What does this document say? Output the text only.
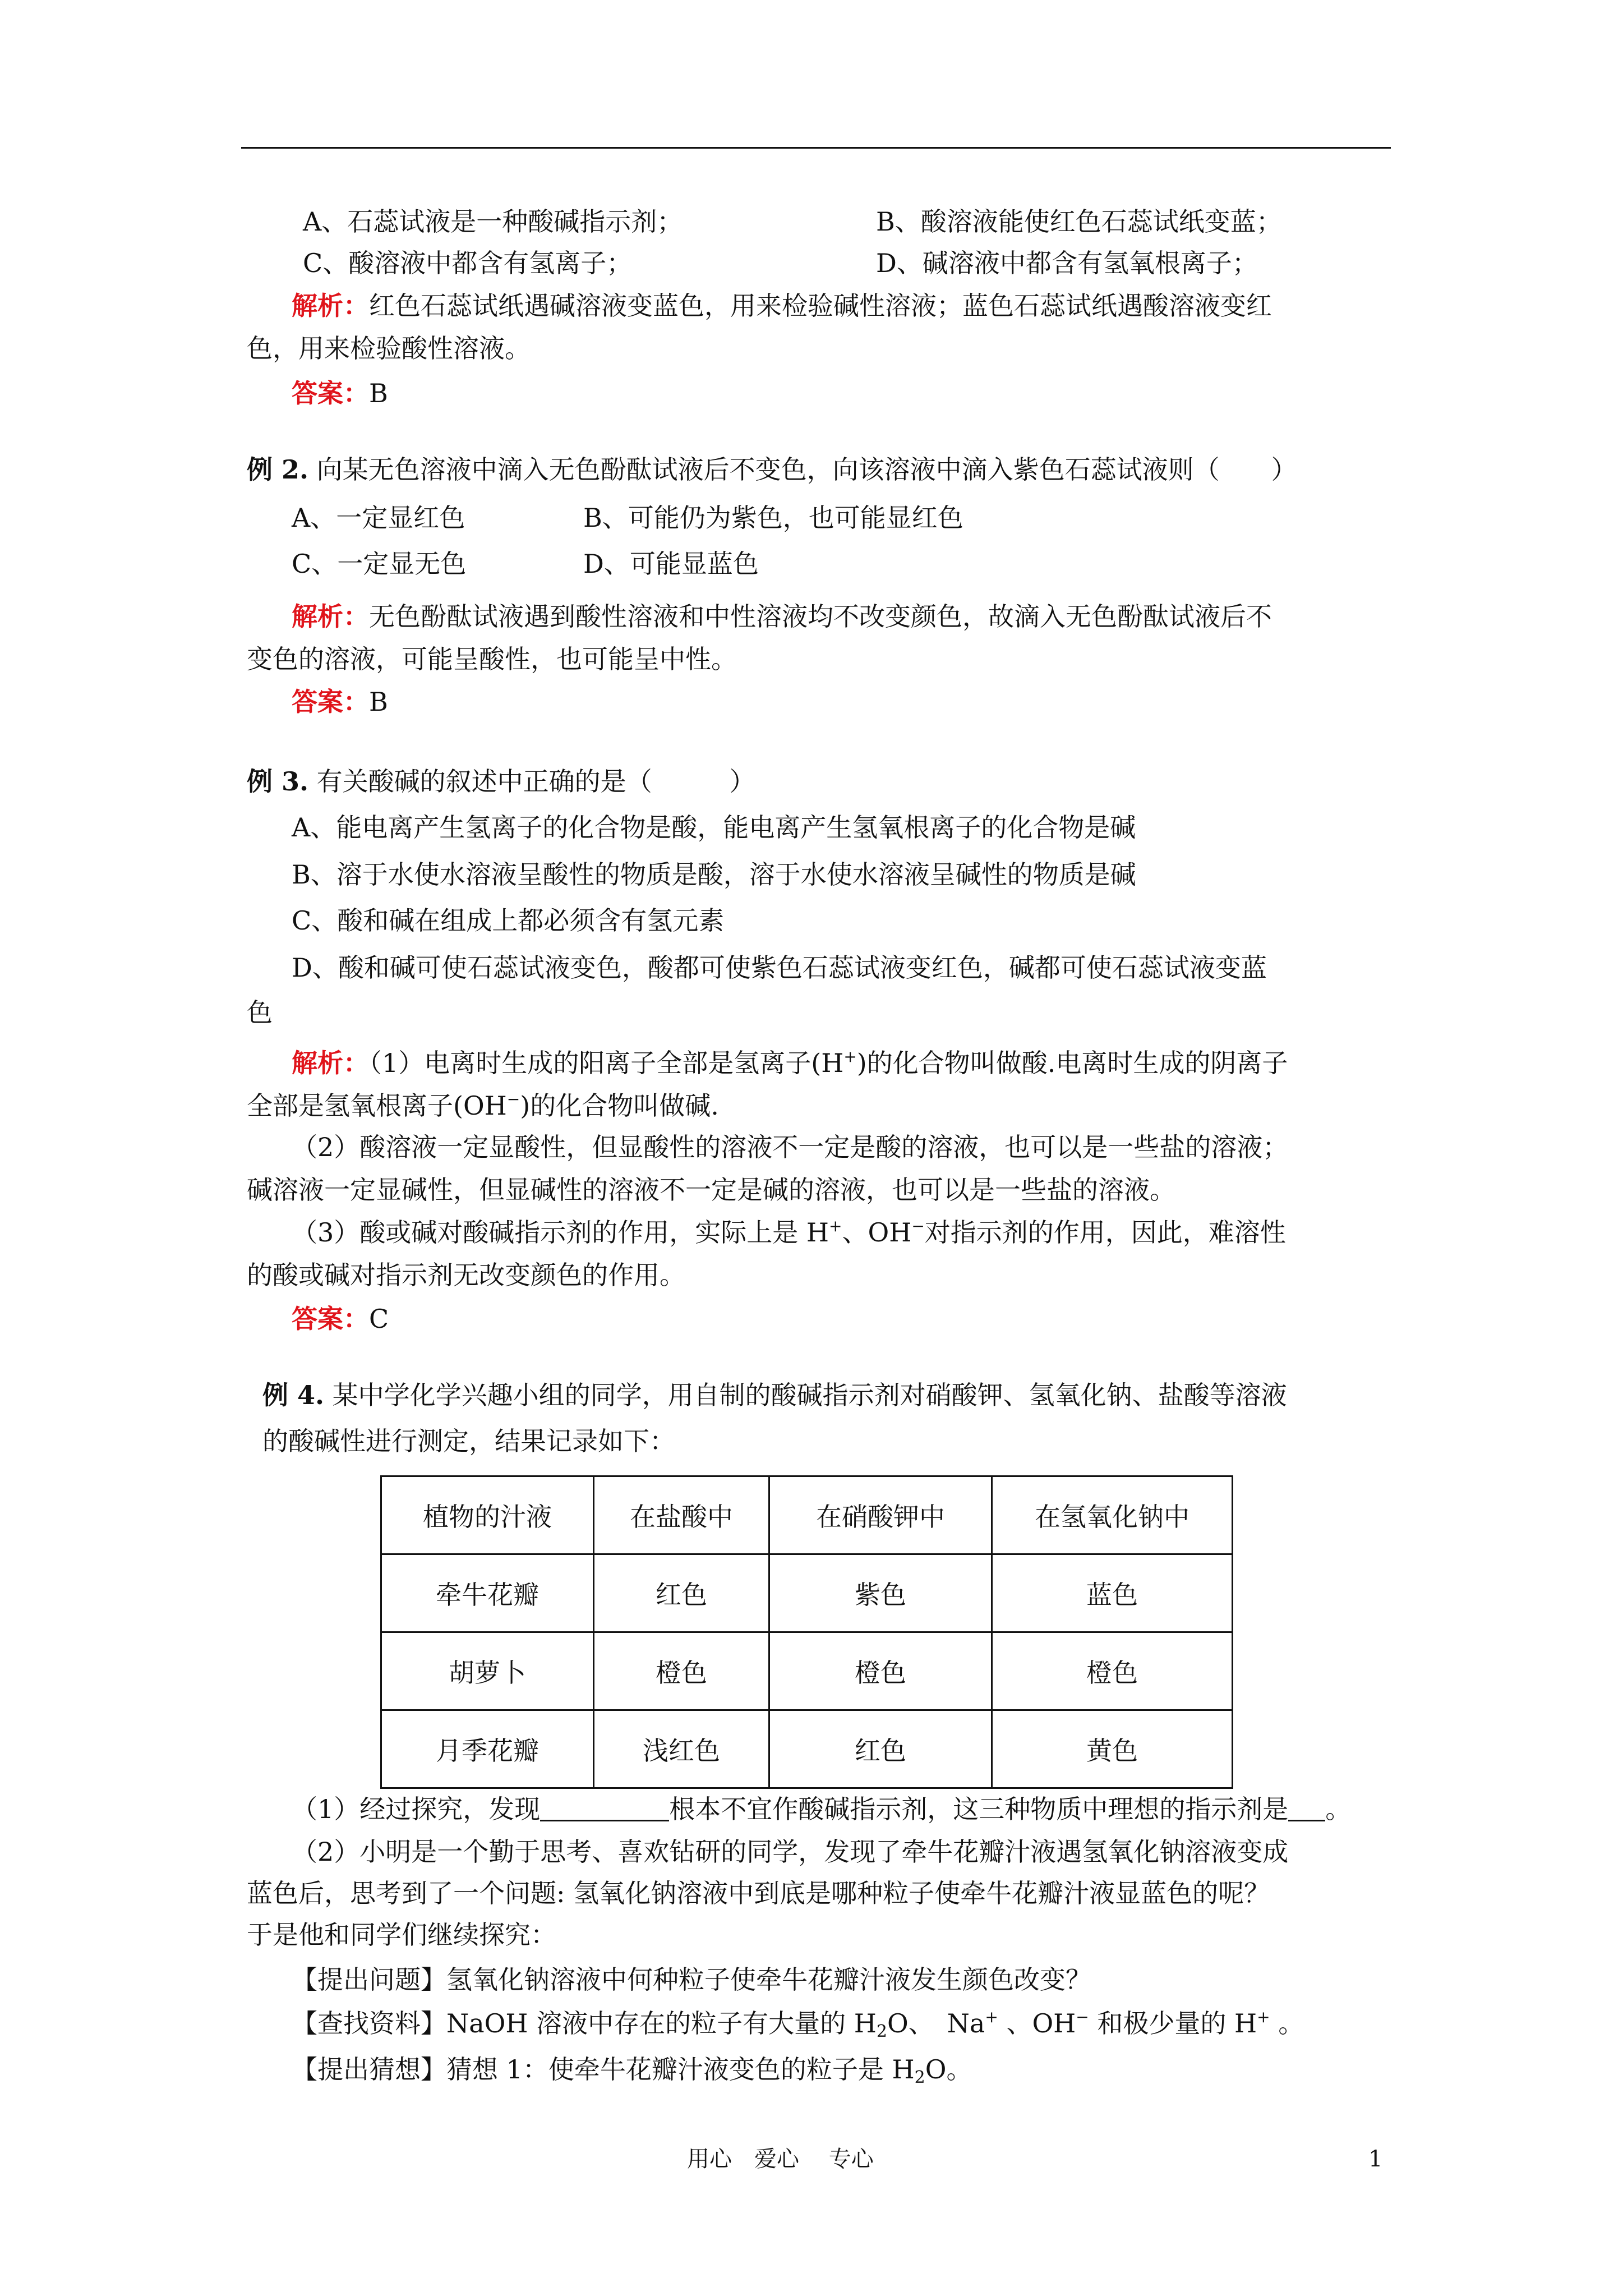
A、石蕊试液是一种酸碱指示剂；	B、酸溶液能使红色石蕊试纸变蓝；
C、酸溶液中都含有氢离子；	D、碱溶液中都含有氢氧根离子；
解析：红色石蕊试纸遇碱溶液变蓝色，用来检验碱性溶液；蓝色石蕊试纸遇酸溶液变红
色，用来检验酸性溶液。
答案：B
例 2. 向某无色溶液中滴入无色酚酞试液后不变色，向该溶液中滴入紫色石蕊试液则（　　）
A、一定显红色	B、可能仍为紫色，也可能显红色
C、一定显无色	D、可能显蓝色
解析：无色酚酞试液遇到酸性溶液和中性溶液均不改变颜色，故滴入无色酚酞试液后不
变色的溶液，可能呈酸性，也可能呈中性。
答案：B
例 3. 有关酸碱的叙述中正确的是（　　　）
A、能电离产生氢离子的化合物是酸，能电离产生氢氧根离子的化合物是碱
B、溶于水使水溶液呈酸性的物质是酸，溶于水使水溶液呈碱性的物质是碱
C、酸和碱在组成上都必须含有氢元素
D、酸和碱可使石蕊试液变色，酸都可使紫色石蕊试液变红色，碱都可使石蕊试液变蓝
色
解析：（1）电离时生成的阳离子全部是氢离子(H+)的化合物叫做酸.电离时生成的阴离子
全部是氢氧根离子(OH−)的化合物叫做碱.
（2）酸溶液一定显酸性，但显酸性的溶液不一定是酸的溶液，也可以是一些盐的溶液；
碱溶液一定显碱性，但显碱性的溶液不一定是碱的溶液，也可以是一些盐的溶液。
（3）酸或碱对酸碱指示剂的作用，实际上是 H+、OH−对指示剂的作用，因此，难溶性
的酸或碱对指示剂无改变颜色的作用。
答案：C
例 4. 某中学化学兴趣小组的同学，用自制的酸碱指示剂对硝酸钾、氢氧化钠、盐酸等溶液
的酸碱性进行测定，结果记录如下：
植物的汁液	在盐酸中	在硝酸钾中	在氢氧化钠中
牵牛花瓣	红色	紫色	蓝色
胡萝卜	橙色	橙色	橙色
月季花瓣	浅红色	红色	黄色
（1）经过探究，发现	根本不宜作酸碱指示剂，这三种物质中理想的指示剂是 。
（2）小明是一个勤于思考、喜欢钻研的同学，发现了牵牛花瓣汁液遇氢氧化钠溶液变成
蓝色后，思考到了一个问题: 氢氧化钠溶液中到底是哪种粒子使牵牛花瓣汁液显蓝色的呢？
于是他和同学们继续探究：
【提出问题】氢氧化钠溶液中何种粒子使牵牛花瓣汁液发生颜色改变？
【查找资料】NaOH 溶液中存在的粒子有大量的 $H_2O$、　Na+ 、OH− 和极少量的 H+ 。
【提出猜想】猜想 1：使牵牛花瓣汁液变色的粒子是 $H_2O$。
用心　爱心　 专心	1
